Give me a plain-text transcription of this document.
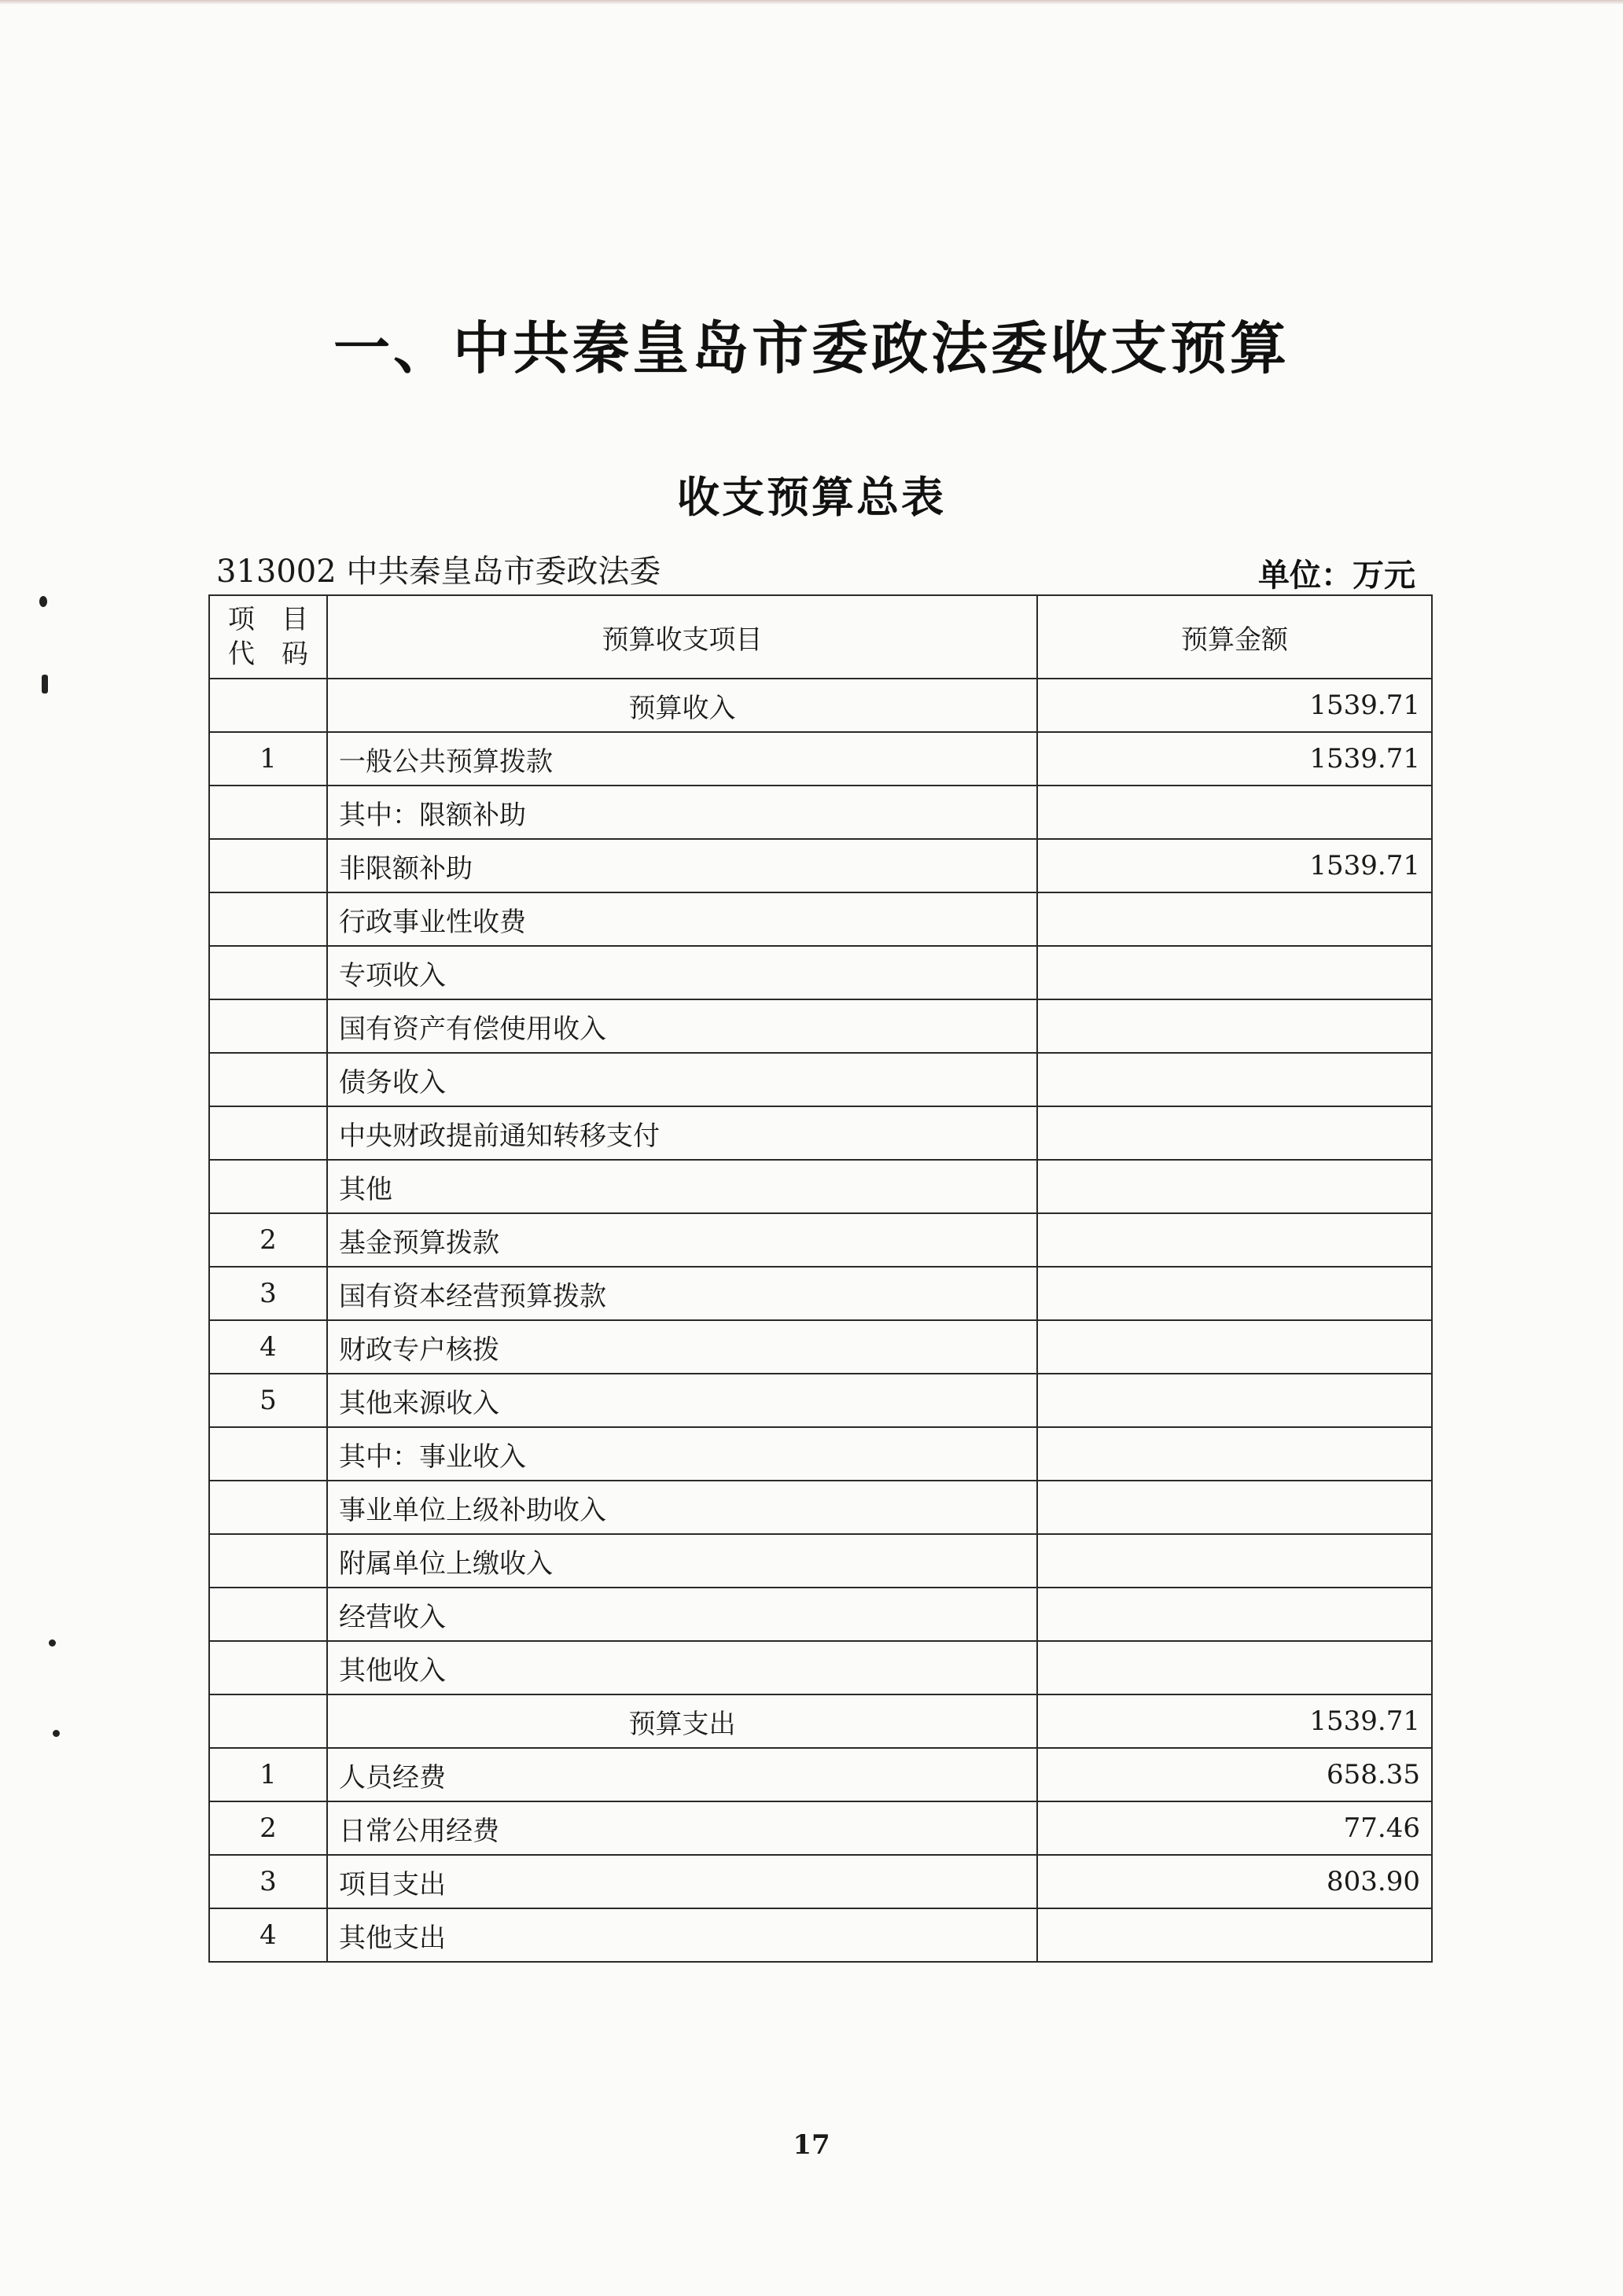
一、中共秦皇岛市委政法委收支预算
收支预算总表
313002 中共秦皇岛市委政法委	单位：万元
项　目
代　码	预算收支项目	预算金额
	预算收入	1539.71
1	一般公共预算拨款	1539.71
	其中：限额补助	
	非限额补助	1539.71
	行政事业性收费	
	专项收入	
	国有资产有偿使用收入	
	债务收入	
	中央财政提前通知转移支付	
	其他	
2	基金预算拨款	
3	国有资本经营预算拨款	
4	财政专户核拨	
5	其他来源收入	
	其中：事业收入	
	事业单位上级补助收入	
	附属单位上缴收入	
	经营收入	
	其他收入	
	预算支出	1539.71
1	人员经费	658.35
2	日常公用经费	77.46
3	项目支出	803.90
4	其他支出	
17
